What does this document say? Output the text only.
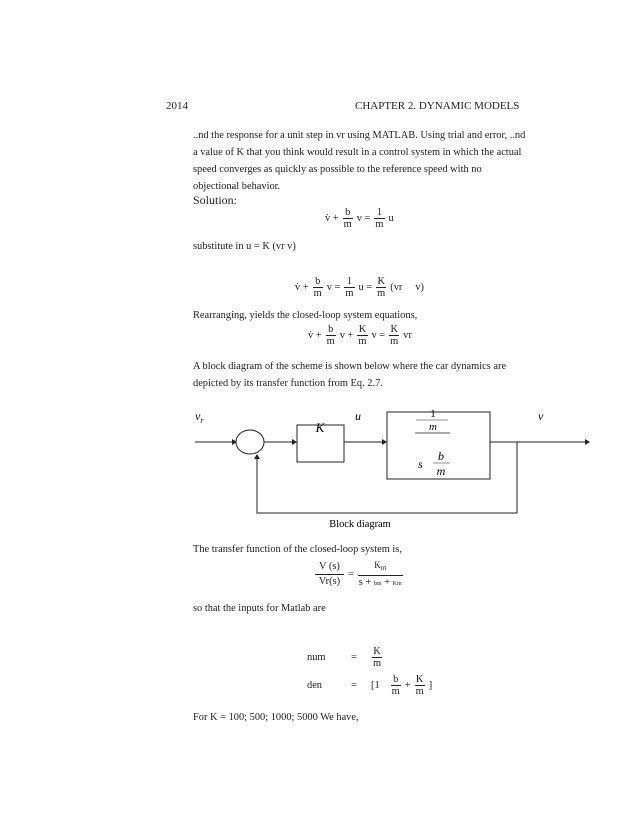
2014	CHAPTER 2. DYNAMIC MODELS
..nd the response for a unit step in vr using MATLAB. Using trial and error, ..nd a value of K that you think would result in a control system in which the actual speed converges as quickly as possible to the reference speed with no objectional behavior.
Solution:
v̇ + $\frac{b}{m}$ $v = \frac{1}{m}$ u
substitute in u = K (vr v)
v̇ + $\frac{b}{m}$ $v = \frac{1}{m}$ $u = \frac{K}{m} (vr$     v)
Rearranging, yields the closed-loop system equations,
v̇ + $\frac{b}{m}$ $v + \frac{K}{m}$ $v = \frac{K}{m}$ vr
A block diagram of the scheme is shown below where the car dynamics are depicted by its transfer function from Eq. 2.7.
$v_r$	K
u	1
m
s
b
m
v
Block diagram
The transfer function of the closed-loop system is,
$\frac{V (s)}{Vr(s)} = \frac{K_m}{s + bm + Km}$
so that the inputs for Matlab are
num	=	$\frac{K}{m}$
den	=	[$1 \frac{b}{m} + \frac{K}{m}$ ]
For K = 100; 500; 1000; 5000 We have,
